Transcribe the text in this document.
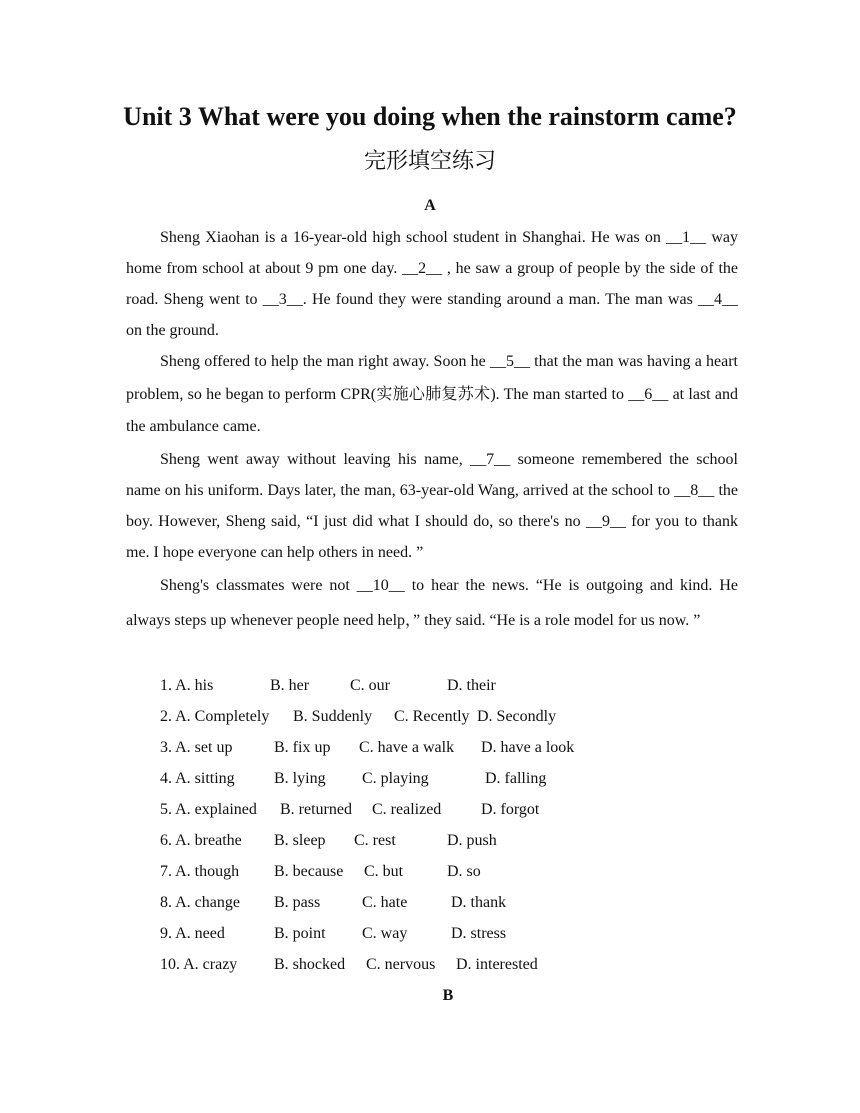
Unit 3 What were you doing when the rainstorm came?
完形填空练习
A

Sheng Xiaohan is a 16-year-old high school student in Shanghai. He was on __1__ way home from school at about 9 pm one day. __2__ , he saw a group of people by the side of the road. Sheng went to __3__. He found they were standing around a man. The man was __4__ on the ground.

Sheng offered to help the man right away. Soon he __5__ that the man was having a heart problem, so he began to perform CPR(实施心肺复苏术). The man started to __6__ at last and the ambulance came.

Sheng went away without leaving his name, __7__ someone remembered the school name on his uniform. Days later, the man, 63-year-old Wang, arrived at the school to __8__ the boy. However, Sheng said, “I just did what I should do, so there's no __9__ for you to thank me. I hope everyone can help others in need. ”

Sheng's classmates were not __10__ to hear the news. “He is outgoing and kind. He always steps up whenever people need help，” they said. “He is a role model for us now. ”

1. A. his	B. her	C. our	D. their
2. A. Completely B. Suddenly C. Recently D. Secondly
3. A. set up	B. fix up C. have a walk D. have a look
4. A. sitting B. lying C. playing	D. falling
5. A. explained B. returned C. realized D. forgot
6. A. breathe B. sleep C. rest	D. push
7. A. though B. because C. but	D. so
8. A. change B. pass	C. hate	D. thank
9. A. need	B. point C. way	D. stress
10. A. crazy B. shocked C. nervous D. interested
B
